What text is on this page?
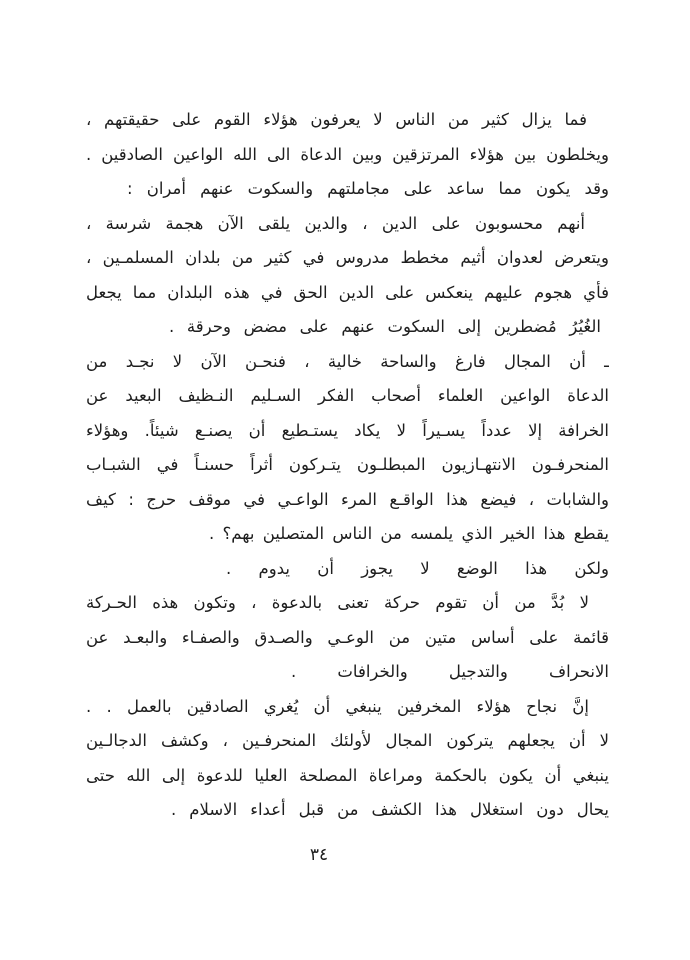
فما يزال كثير من الناس لا يعرفون هؤلاء القوم على حقيقتهم ،
ويخلطون بين هؤلاء المرتزقين وبين الدعاة الى الله الواعين الصادقين .
وقد يكون مما ساعد على مجاملتهم والسكوت عنهم أمران :
أنهم محسوبون على الدين ، والدين يلقى الآن هجمة شرسة ،
ويتعرض لعدوان أثيم مخطط مدروس في كثير من بلدان المسلمـين ،
فأي هجوم عليهم ينعكس على الدين الحق في هذه البلدان مما يجعل
الغُيُرُ مُضطرين إلى السكوت عنهم على مضض وحرقة .
ـ أن المجال فارغ والساحة خالية ، فنحـن الآن لا نجـد من
الدعاة الواعين العلماء أصحاب الفكر السـليم النـظيف البعيد عن
الخرافة إلا عدداً يسـيراً لا يكاد يستـطيع أن يصنـع شيئاً. وهؤلاء
المنحرفـون الانتهـازيون المبطلـون يتـركون أثراً حسنـاً في الشبـاب
والشابات ، فيضع هذا الواقـع المرء الواعـي في موقف حرج : كيف
يقطع هذا الخير الذي يلمسه من الناس المتصلين بهم؟ .
ولكن هذا الوضع لا يجوز أن يدوم .
لا بُدَّ من أن تقوم حركة تعنى بالدعوة ، وتكون هذه الحـركة
قائمة على أساس متين من الوعـي والصـدق والصفـاء والبعـد عن
الانحراف والتدجيل والخرافات .
إنَّ نجاح هؤلاء المخرفين ينبغي أن يُغري الصادقين بالعمل . .
لا أن يجعلهم يتركون المجال لأولئك المنحرفـين ، وكشف الدجالـين
ينبغي أن يكون بالحكمة ومراعاة المصلحة العليا للدعوة إلى الله حتى
يحال دون استغلال هذا الكشف من قبل أعداء الاسلام .
٣٤
